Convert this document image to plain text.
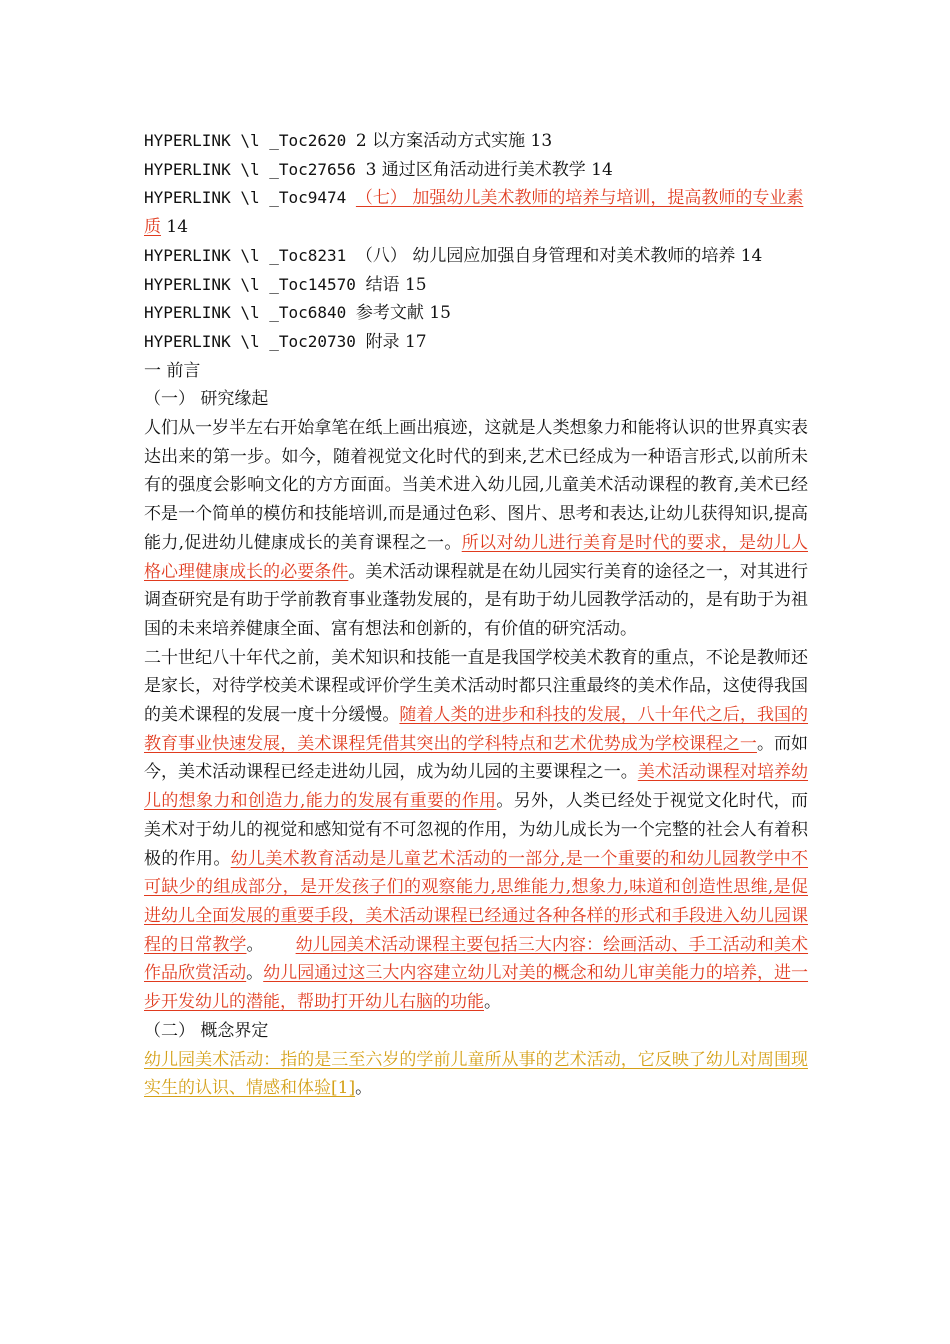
HYPERLINK \l _Toc2620 2 以方案活动方式实施 13

HYPERLINK \l _Toc27656 3 通过区角活动进行美术教学 14

HYPERLINK \l _Toc9474 （七） 加强幼儿美术教师的培养与培训，提高教师的专业素质 14

HYPERLINK \l _Toc8231 （八） 幼儿园应加强自身管理和对美术教师的培养 14

HYPERLINK \l _Toc14570 结语 15

HYPERLINK \l _Toc6840 参考文献 15

HYPERLINK \l _Toc20730 附录 17

一 前言

（一） 研究缘起

人们从一岁半左右开始拿笔在纸上画出痕迹，这就是人类想象力和能将认识的世界真实表达出来的第一步。如今，随着视觉文化时代的到来,艺术已经成为一种语言形式,以前所未有的强度会影响文化的方方面面。当美术进入幼儿园,儿童美术活动课程的教育,美术已经不是一个简单的模仿和技能培训,而是通过色彩、图片、思考和表达,让幼儿获得知识,提高能力,促进幼儿健康成长的美育课程之一。所以对幼儿进行美育是时代的要求，是幼儿人格心理健康成长的必要条件。美术活动课程就是在幼儿园实行美育的途径之一，对其进行调查研究是有助于学前教育事业蓬勃发展的，是有助于幼儿园教学活动的，是有助于为祖国的未来培养健康全面、富有想法和创新的，有价值的研究活动。

二十世纪八十年代之前，美术知识和技能一直是我国学校美术教育的重点，不论是教师还是家长，对待学校美术课程或评价学生美术活动时都只注重最终的美术作品，这使得我国的美术课程的发展一度十分缓慢。随着人类的进步和科技的发展，八十年代之后，我国的教育事业快速发展，美术课程凭借其突出的学科特点和艺术优势成为学校课程之一。而如今，美术活动课程已经走进幼儿园，成为幼儿园的主要课程之一。美术活动课程对培养幼儿的想象力和创造力,能力的发展有重要的作用。另外，人类已经处于视觉文化时代，而美术对于幼儿的视觉和感知觉有不可忽视的作用，为幼儿成长为一个完整的社会人有着积极的作用。幼儿美术教育活动是儿童艺术活动的一部分,是一个重要的和幼儿园教学中不可缺少的组成部分，是开发孩子们的观察能力,思维能力,想象力,味道和创造性思维,是促进幼儿全面发展的重要手段，美术活动课程已经通过各种各样的形式和手段进入幼儿园课程的日常教学。 幼儿园美术活动课程主要包括三大内容：绘画活动、手工活动和美术作品欣赏活动。幼儿园通过这三大内容建立幼儿对美的概念和幼儿审美能力的培养，进一步开发幼儿的潜能，帮助打开幼儿右脑的功能。

（二） 概念界定

幼儿园美术活动：指的是三至六岁的学前儿童所从事的艺术活动，它反映了幼儿对周围现实生的认识、情感和体验[1]。
